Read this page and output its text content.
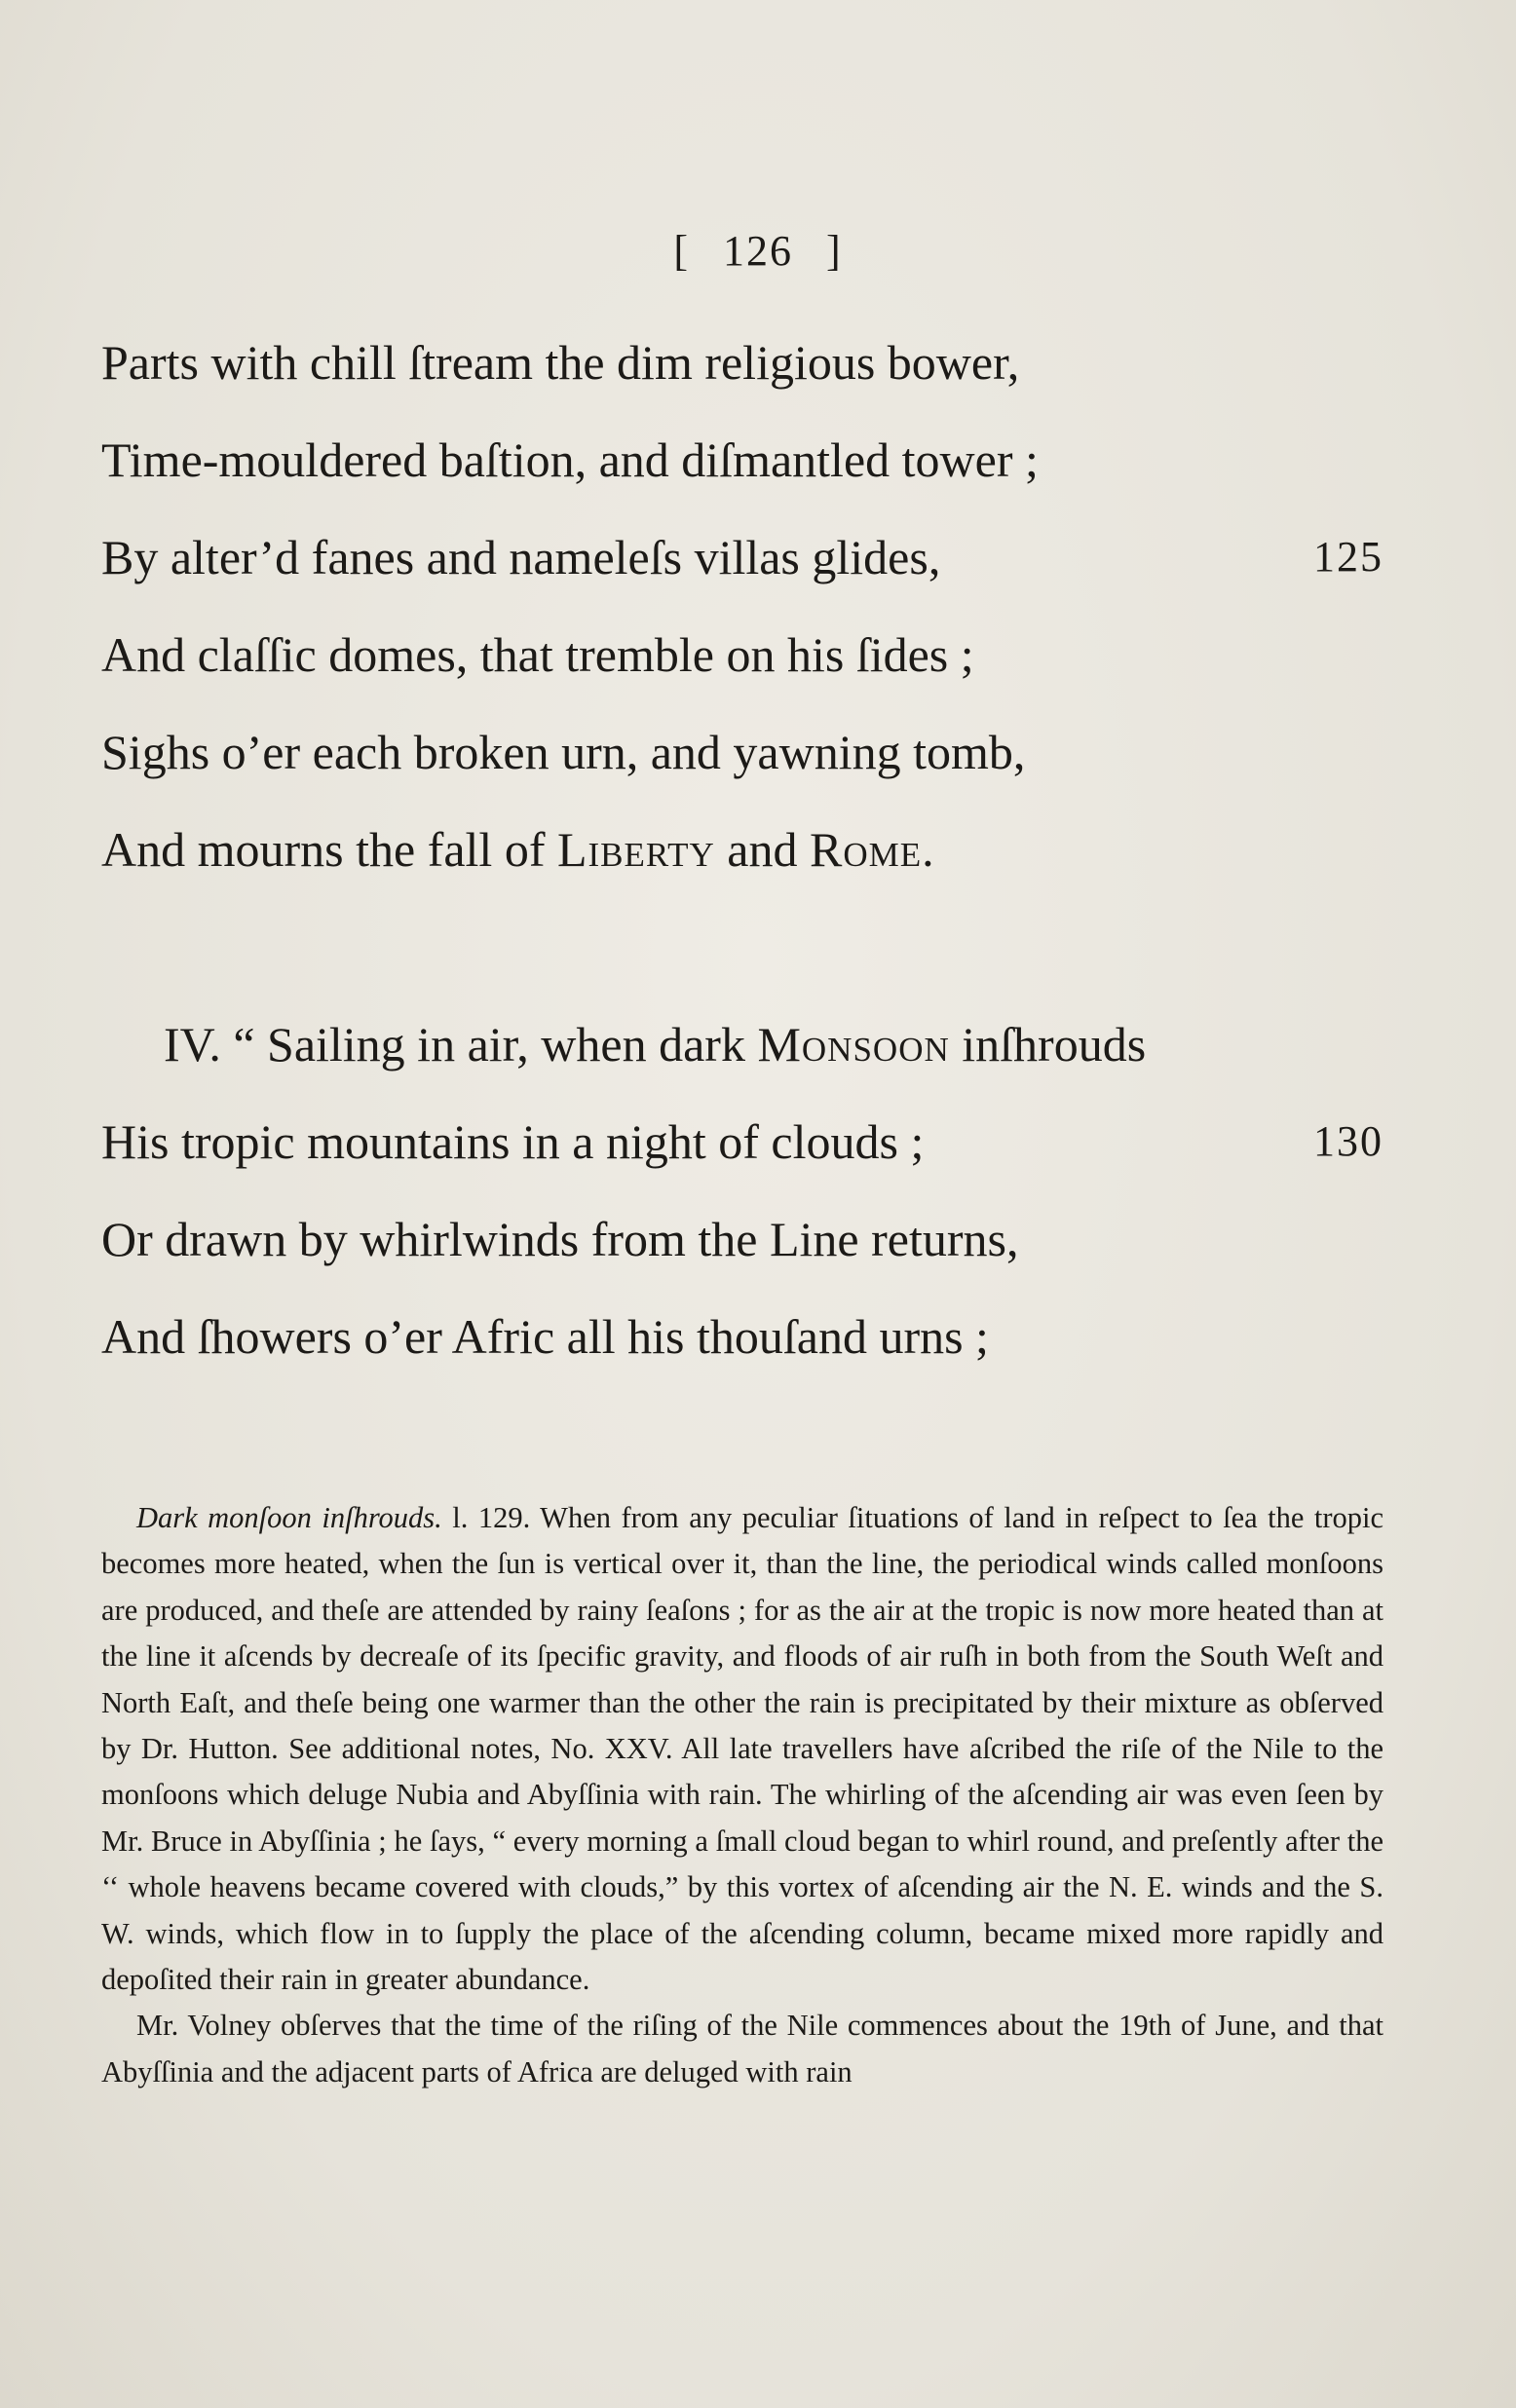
[ 126 ]
Parts with chill ſtream the dim religious bower,
Time-mouldered baſtion, and diſmantled tower ;
By alter’d fanes and nameleſs villas glides,	125
And claſſic domes, that tremble on his ſides ;
Sighs o’er each broken urn, and yawning tomb,
And mourns the fall of Liberty and Rome.
IV. “ Sailing in air, when dark Monsoon inſhrouds
His tropic mountains in a night of clouds ;	130
Or drawn by whirlwinds from the Line returns,
And ſhowers o’er Afric all his thouſand urns ;

Dark monſoon inſhrouds. l. 129. When from any peculiar ſituations of land in reſpect to ſea the tropic becomes more heated, when the ſun is vertical over it, than the line, the periodical winds called monſoons are produced, and theſe are attended by rainy ſeaſons ; for as the air at the tropic is now more heated than at the line it aſcends by decreaſe of its ſpecific gravity, and floods of air ruſh in both from the South Weſt and North Eaſt, and theſe being one warmer than the other the rain is precipitated by their mixture as obſerved by Dr. Hutton. See additional notes, No. XXV. All late travellers have aſcribed the riſe of the Nile to the monſoons which deluge Nubia and Abyſſinia with rain. The whirling of the aſcending air was even ſeen by Mr. Bruce in Abyſſinia ; he ſays, “ every morning a ſmall cloud began to whirl round, and preſently after the ‘‘ whole heavens became covered with clouds,” by this vortex of aſcending air the N. E. winds and the S. W. winds, which flow in to ſupply the place of the aſcending column, became mixed more rapidly and depoſited their rain in greater abundance.

Mr. Volney obſerves that the time of the riſing of the Nile commences about the 19th of June, and that Abyſſinia and the adjacent parts of Africa are deluged with rain
